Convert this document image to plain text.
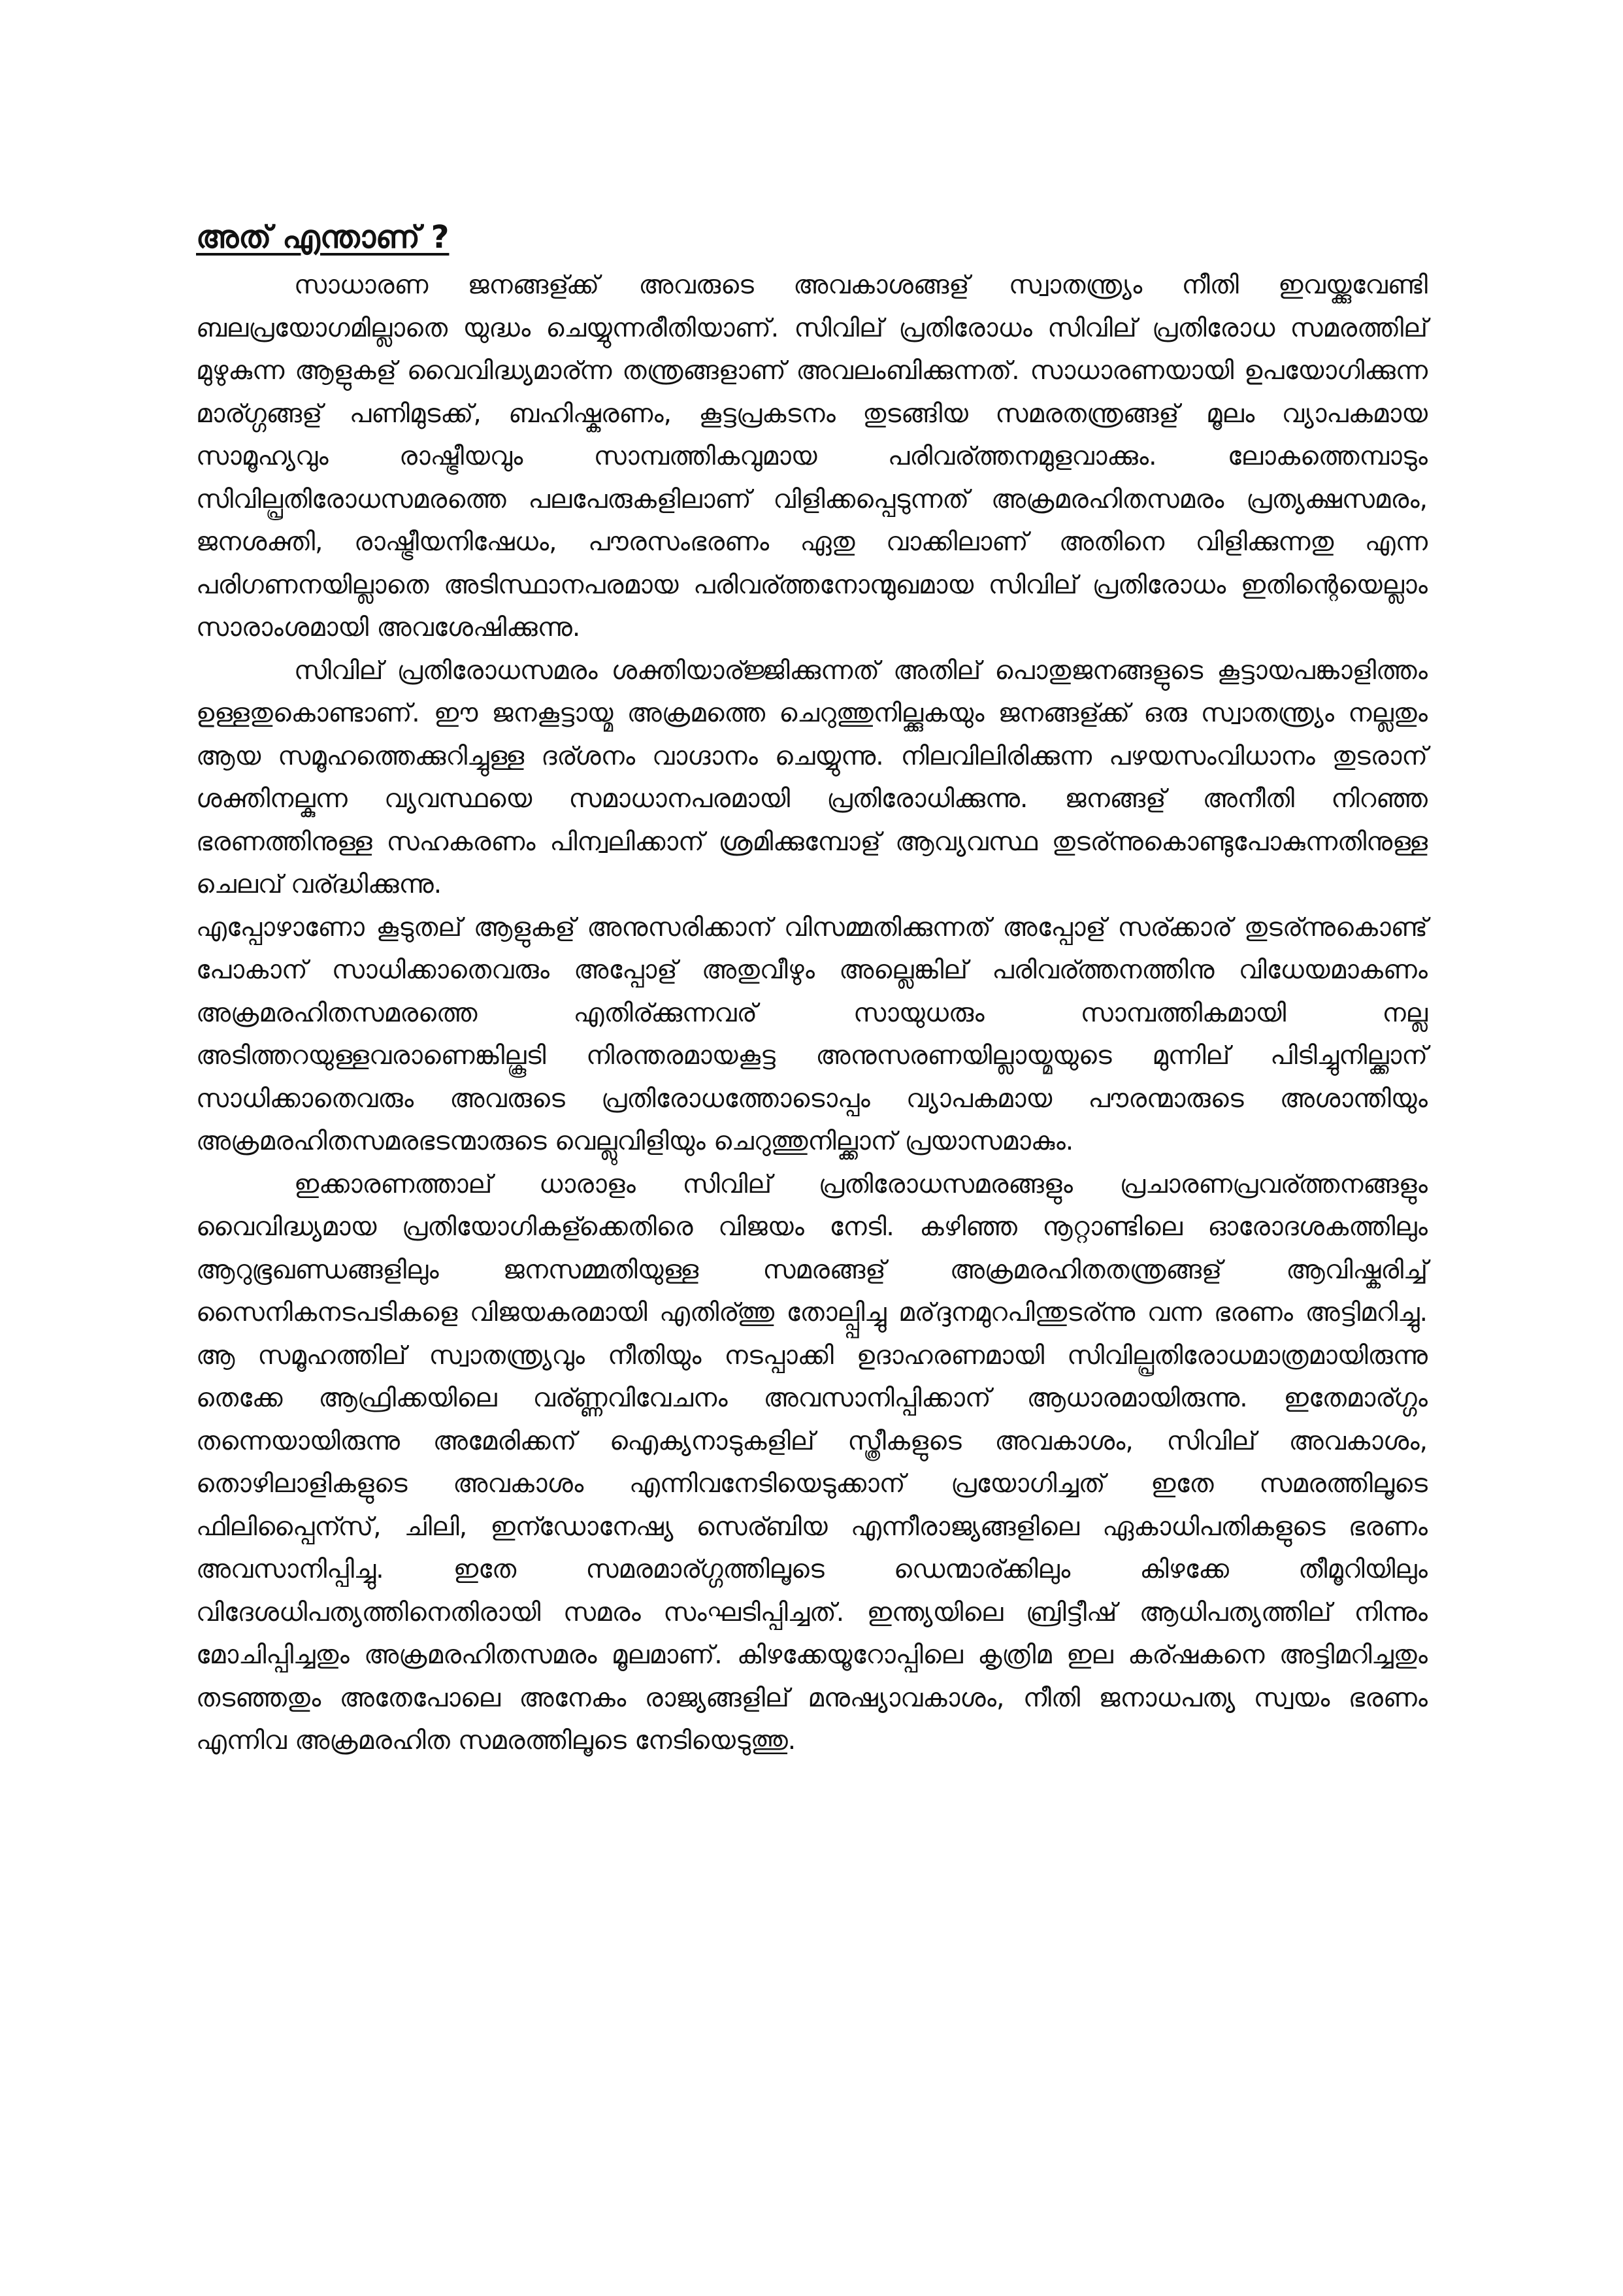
അത് എന്താണ് ?

സാധാരണ ജനങ്ങള്ക്ക് അവരുടെ അവകാശങ്ങള് സ്വാതന്ത്ര്യം നീതി ഇവയ്ക്കുവേണ്ടി ബലപ്രയോഗമില്ലാതെ യുദ്ധം ചെയ്യുന്നരീതിയാണ്. സിവില് പ്രതിരോധം സിവില് പ്രതിരോധ സമരത്തില് മുഴുകുന്ന ആളുകള് വൈവിദ്ധ്യമാര്ന്ന തന്ത്രങ്ങളാണ് അവലംബിക്കുന്നത്. സാധാരണയായി ഉപയോഗിക്കുന്ന മാര്ഗ്ഗങ്ങള് പണിമുടക്ക്, ബഹിഷ്കരണം, കൂട്ടപ്രകടനം തുടങ്ങിയ സമരതന്ത്രങ്ങള് മൂലം വ്യാപകമായ സാമൂഹ്യവും രാഷ്ട്രീയവും സാമ്പത്തികവുമായ പരിവര്ത്തനമുളവാക്കും. ലോകത്തെമ്പാടും സിവില്പ്രതിരോധസമരത്തെ പലപേരുകളിലാണ് വിളിക്കപ്പെടുന്നത് അക്രമരഹിതസമരം പ്രത്യക്ഷസമരം, ജനശക്തി, രാഷ്ട്രീയനിഷേധം, പൗരസംഭരണം ഏതു വാക്കിലാണ് അതിനെ വിളിക്കുന്നതു എന്ന പരിഗണനയില്ലാതെ അടിസ്ഥാനപരമായ പരിവര്ത്തനോന്മുഖമായ സിവില് പ്രതിരോധം ഇതിന്റെയെല്ലാം സാരാംശമായി അവശേഷിക്കുന്നു.

സിവില് പ്രതിരോധസമരം ശക്തിയാര്ജ്ജിക്കുന്നത് അതില് പൊതുജനങ്ങളുടെ കൂട്ടായപങ്കാളിത്തം ഉള്ളതുകൊണ്ടാണ്. ഈ ജനകൂട്ടായ്മ അക്രമത്തെ ചെറുത്തുനില്ക്കുകയും ജനങ്ങള്ക്ക് ഒരു സ്വാതന്ത്ര്യം നല്ലതും ആയ സമൂഹത്തെക്കുറിച്ചുള്ള ദര്ശനം വാഗ്ദാനം ചെയ്യുന്നു. നിലവിലിരിക്കുന്ന പഴയസംവിധാനം തുടരാന് ശക്തിനല്കുന്ന വ്യവസ്ഥയെ സമാധാനപരമായി പ്രതിരോധിക്കുന്നു. ജനങ്ങള് അനീതി നിറഞ്ഞ ഭരണത്തിനുള്ള സഹകരണം പിന്വലിക്കാന് ശ്രമിക്കുമ്പോള് ആവ്യവസ്ഥ തുടര്ന്നുകൊണ്ടുപോകുന്നതിനുള്ള ചെലവ് വര്ദ്ധിക്കുന്നു.

എപ്പോഴാണോ കൂടുതല് ആളുകള് അനുസരിക്കാന് വിസമ്മതിക്കുന്നത് അപ്പോള് സര്ക്കാര് തുടര്ന്നുകൊണ്ട് പോകാന് സാധിക്കാതെവരും അപ്പോള് അതുവീഴും അല്ലെങ്കില് പരിവര്ത്തനത്തിനു വിധേയമാകണം അക്രമരഹിതസമരത്തെ എതിര്ക്കുന്നവര് സായുധരും സാമ്പത്തികമായി നല്ല അടിത്തറയുള്ളവരാണെങ്കില്കൂടി നിരന്തരമായകൂട്ട അനുസരണയില്ലായ്മയുടെ മുന്നില് പിടിച്ചുനില്ക്കാന് സാധിക്കാതെവരും അവരുടെ പ്രതിരോധത്തോടൊപ്പം വ്യാപകമായ പൗരന്മാരുടെ അശാന്തിയും അക്രമരഹിതസമരഭടന്മാരുടെ വെല്ലുവിളിയും ചെറുത്തുനില്ക്കാന് പ്രയാസമാകും.

ഇക്കാരണത്താല് ധാരാളം സിവില് പ്രതിരോധസമരങ്ങളും പ്രചാരണപ്രവര്ത്തനങ്ങളും വൈവിദ്ധ്യമായ പ്രതിയോഗികള്ക്കെതിരെ വിജയം നേടി. കഴിഞ്ഞ നൂറ്റാണ്ടിലെ ഓരോദശകത്തിലും ആറുഭൂഖണ്ഡങ്ങളിലും ജനസമ്മതിയുള്ള സമരങ്ങള് അക്രമരഹിതതന്ത്രങ്ങള് ആവിഷ്കരിച്ച് സൈനികനടപടികളെ വിജയകരമായി എതിര്ത്തു തോല്പ്പിച്ചു മര്ദ്ദനമുറപിന്തുടര്ന്നു വന്ന ഭരണം അട്ടിമറിച്ചു. ആ സമൂഹത്തില് സ്വാതന്ത്ര്യവും നീതിയും നടപ്പാക്കി ഉദാഹരണമായി സിവില്പ്രതിരോധമാത്രമായിരുന്നു തെക്കേ ആഫ്രിക്കയിലെ വര്ണ്ണവിവേചനം അവസാനിപ്പിക്കാന് ആധാരമായിരുന്നു. ഇതേമാര്ഗ്ഗം തന്നെയായിരുന്നു അമേരിക്കന് ഐക്യനാടുകളില് സ്ത്രീകളുടെ അവകാശം, സിവില് അവകാശം, തൊഴിലാളികളുടെ അവകാശം എന്നിവനേടിയെടുക്കാന് പ്രയോഗിച്ചത് ഇതേ സമരത്തിലൂടെ ഫിലിപ്പൈന്സ്, ചിലി, ഇന്ഡോനേഷ്യ സെര്ബിയ എന്നീരാജ്യങ്ങളിലെ ഏകാധിപതികളുടെ ഭരണം അവസാനിപ്പിച്ചു. ഇതേ സമരമാര്ഗ്ഗത്തിലൂടെ ഡെന്മാര്ക്കിലും കിഴക്കേ തീമൂറിയിലും വിദേശധിപത്യത്തിനെതിരായി സമരം സംഘടിപ്പിച്ചത്. ഇന്ത്യയിലെ ബ്രിട്ടീഷ് ആധിപത്യത്തില് നിന്നും മോചിപ്പിച്ചതും അക്രമരഹിതസമരം മൂലമാണ്. കിഴക്കേയൂറോപ്പിലെ കൃത്രിമ ഇല കര്ഷകനെ അട്ടിമറിച്ചതും തടഞ്ഞതും അതേപോലെ അനേകം രാജ്യങ്ങളില് മനുഷ്യാവകാശം, നീതി ജനാധപത്യ സ്വയം ഭരണം എന്നിവ അക്രമരഹിത സമരത്തിലൂടെ നേടിയെടുത്തു.
